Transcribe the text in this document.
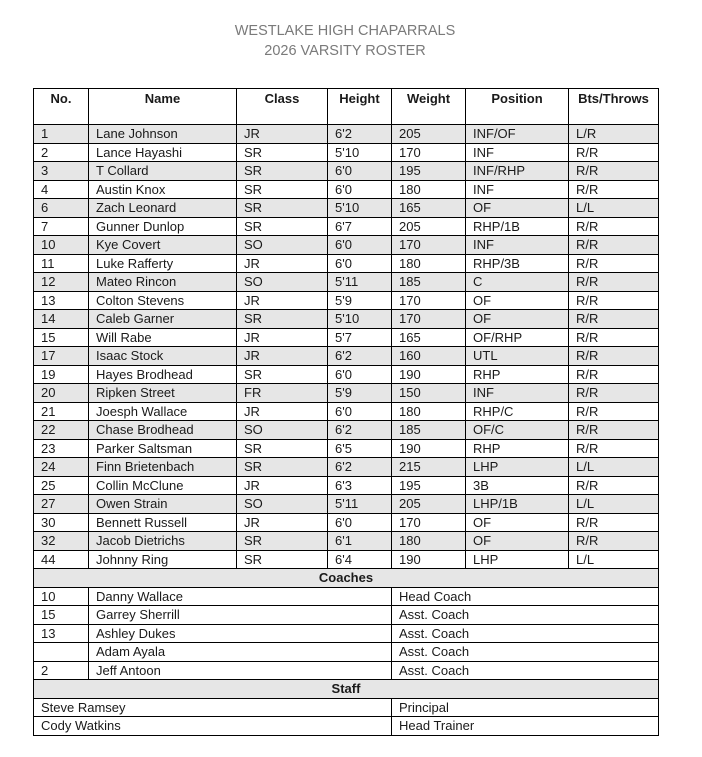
WESTLAKE HIGH CHAPARRALS
2026 VARSITY ROSTER
No.	Name	Class	Height	Weight	Position	Bts/Throws
1	Lane Johnson	JR	6'2	205	INF/OF	L/R
2	Lance Hayashi	SR	5'10	170	INF	R/R
3	T Collard	SR	6'0	195	INF/RHP	R/R
4	Austin Knox	SR	6'0	180	INF	R/R
6	Zach Leonard	SR	5'10	165	OF	L/L
7	Gunner Dunlop	SR	6'7	205	RHP/1B	R/R
10	Kye Covert	SO	6'0	170	INF	R/R
11	Luke Rafferty	JR	6'0	180	RHP/3B	R/R
12	Mateo Rincon	SO	5'11	185	C	R/R
13	Colton Stevens	JR	5'9	170	OF	R/R
14	Caleb Garner	SR	5'10	170	OF	R/R
15	Will Rabe	JR	5'7	165	OF/RHP	R/R
17	Isaac Stock	JR	6'2	160	UTL	R/R
19	Hayes Brodhead	SR	6'0	190	RHP	R/R
20	Ripken Street	FR	5'9	150	INF	R/R
21	Joesph Wallace	JR	6'0	180	RHP/C	R/R
22	Chase Brodhead	SO	6'2	185	OF/C	R/R
23	Parker Saltsman	SR	6'5	190	RHP	R/R
24	Finn Brietenbach	SR	6'2	215	LHP	L/L
25	Collin McClune	JR	6'3	195	3B	R/R
27	Owen Strain	SO	5'11	205	LHP/1B	L/L
30	Bennett Russell	JR	6'0	170	OF	R/R
32	Jacob Dietrichs	SR	6'1	180	OF	R/R
44	Johnny Ring	SR	6'4	190	LHP	L/L
Coaches						
10	Danny Wallace			Head Coach		
15	Garrey Sherrill			Asst. Coach		
13	Ashley Dukes			Asst. Coach		
	Adam Ayala			Asst. Coach		
2	Jeff Antoon			Asst. Coach		
Staff						
Steve Ramsey				Principal		
Cody Watkins				Head Trainer		
